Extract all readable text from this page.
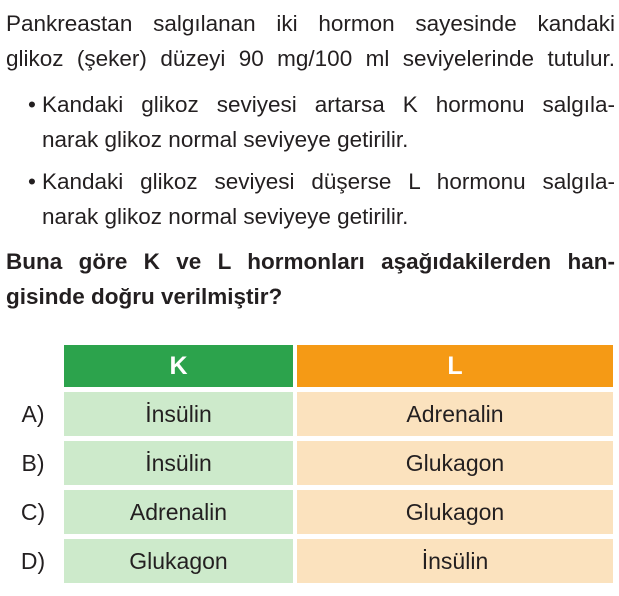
Pankreastan salgılanan iki hormon sayesinde kandaki
glikoz (şeker) düzeyi 90 mg/100 ml seviyelerinde tutulur.
• Kandaki glikoz seviyesi artarsa K hormonu salgıla-
narak glikoz normal seviyeye getirilir.
• Kandaki glikoz seviyesi düşerse L hormonu salgıla-
narak glikoz normal seviyeye getirilir.
Buna göre K ve L hormonları aşağıdakilerden han-
gisinde doğru verilmiştir?
K	L
A)	İnsülin	Adrenalin
B)	İnsülin	Glukagon
C)	Adrenalin	Glukagon
D)	Glukagon	İnsülin
